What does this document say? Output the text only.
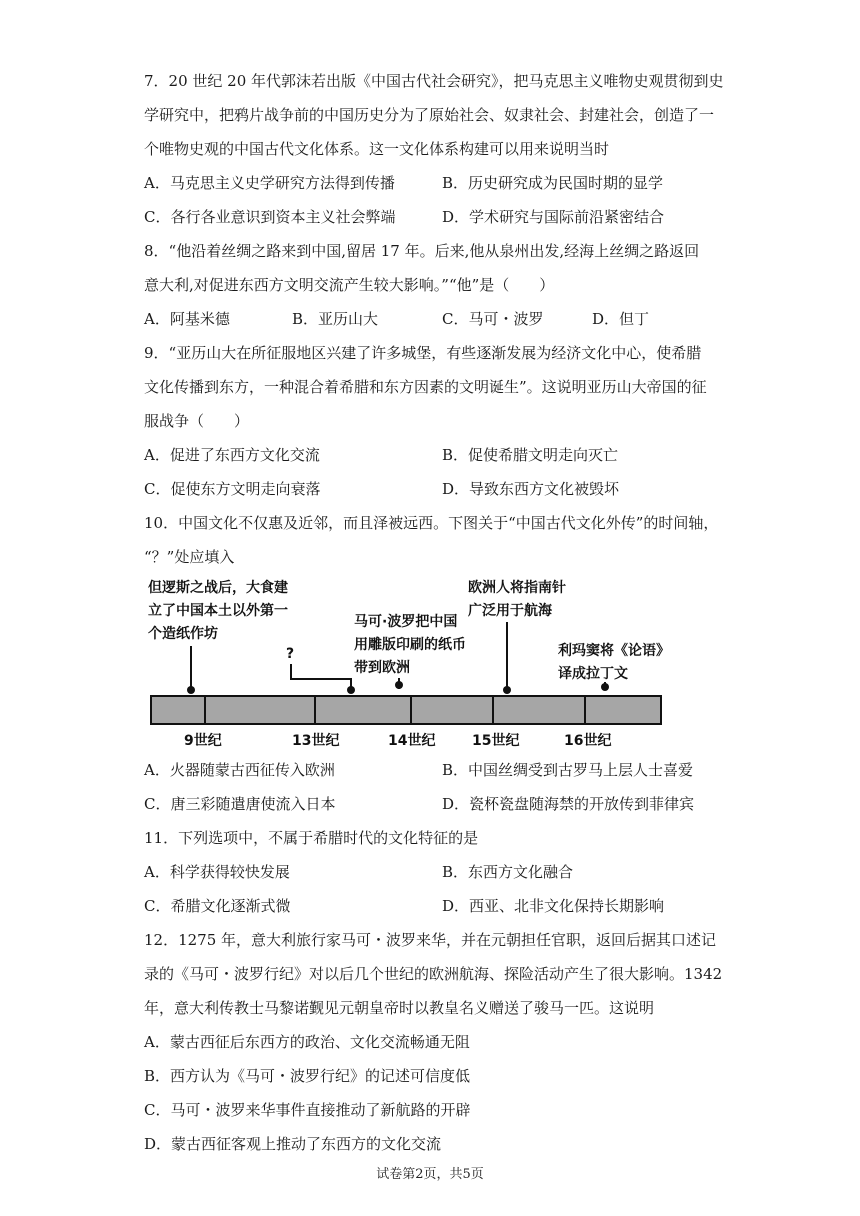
7．20 世纪 20 年代郭沫若出版《中国古代社会研究》，把马克思主义唯物史观贯彻到史
学研究中，把鸦片战争前的中国历史分为了原始社会、奴隶社会、封建社会，创造了一
个唯物史观的中国古代文化体系。这一文化体系构建可以用来说明当时
A．马克思主义史学研究方法得到传播	B．历史研究成为民国时期的显学
C．各行各业意识到资本主义社会弊端	D．学术研究与国际前沿紧密结合
8．“他沿着丝绸之路来到中国,留居 17 年。后来,他从泉州出发,经海上丝绸之路返回
意大利,对促进东西方文明交流产生较大影响。”“他”是（　　）
A．阿基米德	B．亚历山大	C．马可・波罗	D．但丁
9．“亚历山大在所征服地区兴建了许多城堡，有些逐渐发展为经济文化中心，使希腊
文化传播到东方，一种混合着希腊和东方因素的文明诞生”。这说明亚历山大帝国的征
服战争（　　）
A．促进了东西方文化交流	B．促使希腊文明走向灭亡
C．促使东方文明走向衰落	D．导致东西方文化被毁坏
10．中国文化不仅惠及近邻，而且泽被远西。下图关于“中国古代文化外传”的时间轴，
“？”处应填入
但逻斯之战后，大食建
立了中国本土以外第一
个造纸作坊
?
马可·波罗把中国
用雕版印刷的纸币
带到欧洲
欧洲人将指南针
广泛用于航海
利玛窦将《论语》
译成拉丁文
9世纪	13世纪	14世纪	15世纪	16世纪
A．火器随蒙古西征传入欧洲	B．中国丝绸受到古罗马上层人士喜爱
C．唐三彩随遣唐使流入日本	D．瓷杯瓷盘随海禁的开放传到菲律宾
11．下列选项中，不属于希腊时代的文化特征的是
A．科学获得较快发展	B．东西方文化融合
C．希腊文化逐渐式微	D．西亚、北非文化保持长期影响
12．1275 年，意大利旅行家马可・波罗来华，并在元朝担任官职，返回后据其口述记
录的《马可・波罗行纪》对以后几个世纪的欧洲航海、探险活动产生了很大影响。1342
年，意大利传教士马黎诺觐见元朝皇帝时以教皇名义赠送了骏马一匹。这说明
A．蒙古西征后东西方的政治、文化交流畅通无阻
B．西方认为《马可・波罗行纪》的记述可信度低
C．马可・波罗来华事件直接推动了新航路的开辟
D．蒙古西征客观上推动了东西方的文化交流
试卷第2页，共5页
